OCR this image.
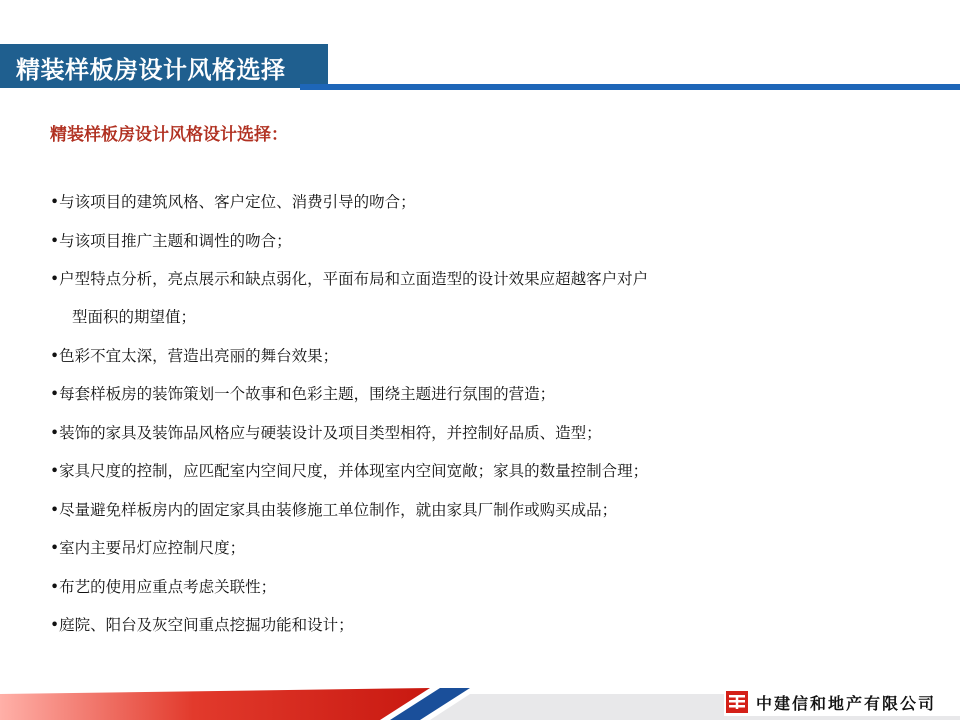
精装样板房设计风格选择
精装样板房设计风格设计选择：
•与该项目的建筑风格、客户定位、消费引导的吻合；
•与该项目推广主题和调性的吻合；
•户型特点分析，亮点展示和缺点弱化，平面布局和立面造型的设计效果应超越客户对户
型面积的期望值；
•色彩不宜太深，营造出亮丽的舞台效果；
•每套样板房的装饰策划一个故事和色彩主题，围绕主题进行氛围的营造；
•装饰的家具及装饰品风格应与硬装设计及项目类型相符，并控制好品质、造型；
•家具尺度的控制，应匹配室内空间尺度，并体现室内空间宽敞；家具的数量控制合理；
•尽量避免样板房内的固定家具由装修施工单位制作，就由家具厂制作或购买成品；
•室内主要吊灯应控制尺度；
•布艺的使用应重点考虑关联性；
•庭院、阳台及灰空间重点挖掘功能和设计；
中建信和地产有限公司
